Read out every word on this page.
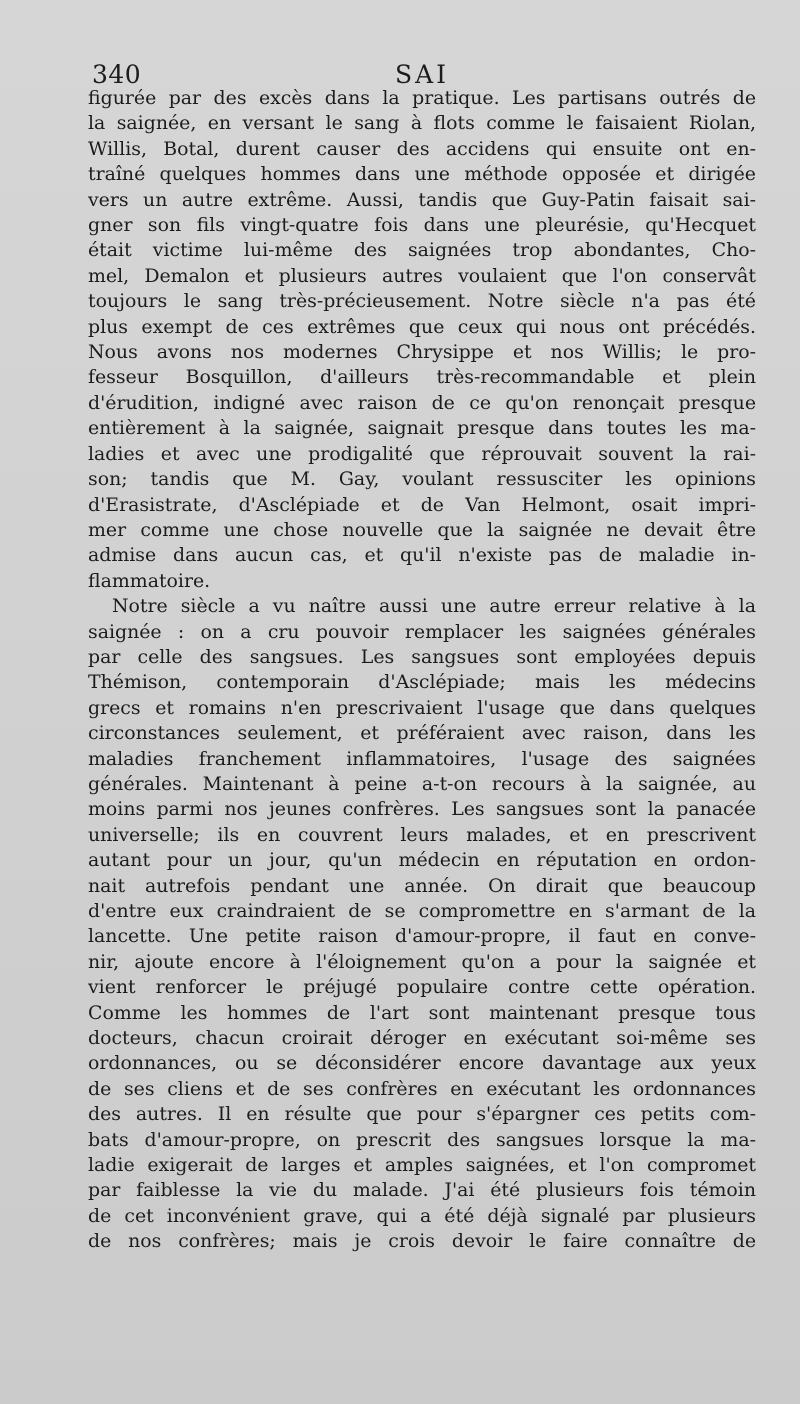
340	SAI

figurée par des excès dans la pratique. Les partisans outrés de
la saignée, en versant le sang à flots comme le faisaient Riolan,
Willis, Botal, durent causer des accidens qui ensuite ont en-
traîné quelques hommes dans une méthode opposée et dirigée
vers un autre extrême. Aussi, tandis que Guy-Patin faisait sai-
gner son fils vingt-quatre fois dans une pleurésie, qu'Hecquet
était victime lui-même des saignées trop abondantes, Cho-
mel, Demalon et plusieurs autres voulaient que l'on conservât
toujours le sang très-précieusement. Notre siècle n'a pas été
plus exempt de ces extrêmes que ceux qui nous ont précédés.
Nous avons nos modernes Chrysippe et nos Willis; le pro-
fesseur Bosquillon, d'ailleurs très-recommandable et plein
d'érudition, indigné avec raison de ce qu'on renonçait presque
entièrement à la saignée, saignait presque dans toutes les ma-
ladies et avec une prodigalité que réprouvait souvent la rai-
son; tandis que M. Gay, voulant ressusciter les opinions
d'Erasistrate, d'Asclépiade et de Van Helmont, osait impri-
mer comme une chose nouvelle que la saignée ne devait être
admise dans aucun cas, et qu'il n'existe pas de maladie in-
flammatoire.

Notre siècle a vu naître aussi une autre erreur relative à la
saignée : on a cru pouvoir remplacer les saignées générales
par celle des sangsues. Les sangsues sont employées depuis
Thémison, contemporain d'Asclépiade; mais les médecins
grecs et romains n'en prescrivaient l'usage que dans quelques
circonstances seulement, et préféraient avec raison, dans les
maladies franchement inflammatoires, l'usage des saignées
générales. Maintenant à peine a-t-on recours à la saignée, au
moins parmi nos jeunes confrères. Les sangsues sont la panacée
universelle; ils en couvrent leurs malades, et en prescrivent
autant pour un jour, qu'un médecin en réputation en ordon-
nait autrefois pendant une année. On dirait que beaucoup
d'entre eux craindraient de se compromettre en s'armant de la
lancette. Une petite raison d'amour-propre, il faut en conve-
nir, ajoute encore à l'éloignement qu'on a pour la saignée et
vient renforcer le préjugé populaire contre cette opération.
Comme les hommes de l'art sont maintenant presque tous
docteurs, chacun croirait déroger en exécutant soi-même ses
ordonnances, ou se déconsidérer encore davantage aux yeux
de ses cliens et de ses confrères en exécutant les ordonnances
des autres. Il en résulte que pour s'épargner ces petits com-
bats d'amour-propre, on prescrit des sangsues lorsque la ma-
ladie exigerait de larges et amples saignées, et l'on compromet
par faiblesse la vie du malade. J'ai été plusieurs fois témoin
de cet inconvénient grave, qui a été déjà signalé par plusieurs
de nos confrères; mais je crois devoir le faire connaître de
